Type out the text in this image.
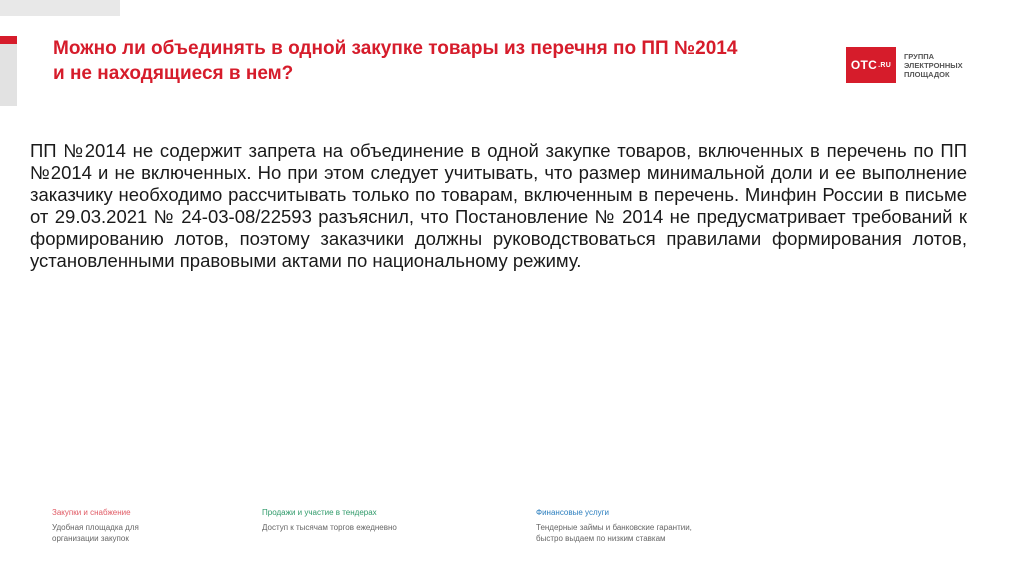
Можно ли объединять в одной закупке товары из перечня по ПП №2014
и не находящиеся в нем?	OTC .RU
ГРУППА
ЭЛЕКТРОННЫХ
ПЛОЩАДОК
ПП №2014 не содержит запрета на объединение в одной закупке товаров, включенных в перечень по ПП №2014 и не включенных. Но при этом следует учитывать, что размер минимальной доли и ее выполнение заказчику необходимо рассчитывать только по товарам, включенным в перечень. Минфин России в письме от 29.03.2021 № 24-03-08/22593 разъяснил, что Постановление № 2014 не предусматривает требований к формированию лотов, поэтому заказчики должны руководствоваться правилами формирования лотов, установленными правовыми актами по национальному режиму.
Закупки и снабжение
Удобная площадка для
организации закупок
Продажи и участие в тендерах
Доступ к тысячам торгов ежедневно
Финансовые услуги
Тендерные займы и банковские гарантии,
быстро выдаем по низким ставкам
